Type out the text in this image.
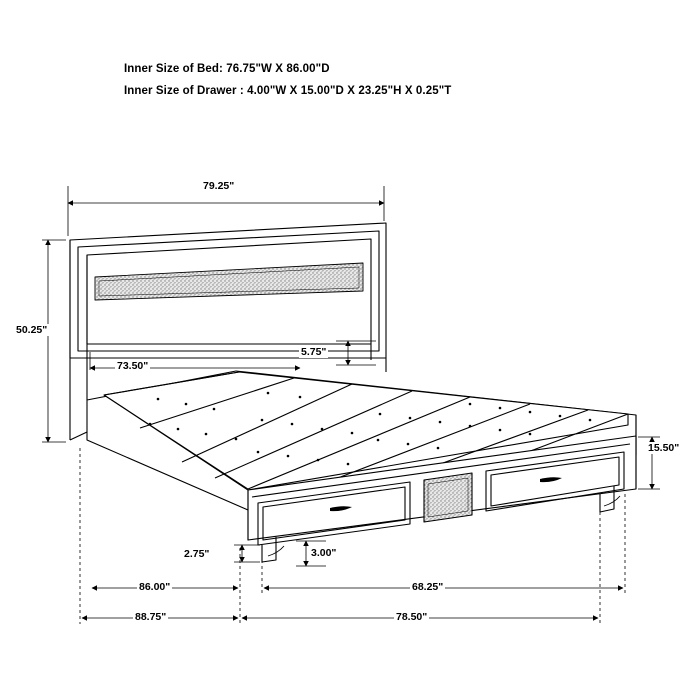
Inner Size of Bed: 76.75"W X 86.00"D
Inner Size of Drawer : 4.00"W X 15.00"D X 23.25"H X 0.25"T
79.25"
50.25"
73.50"
5.75"
15.50"
2.75"	3.00"
86.00"	68.25"
88.75"	78.50"
